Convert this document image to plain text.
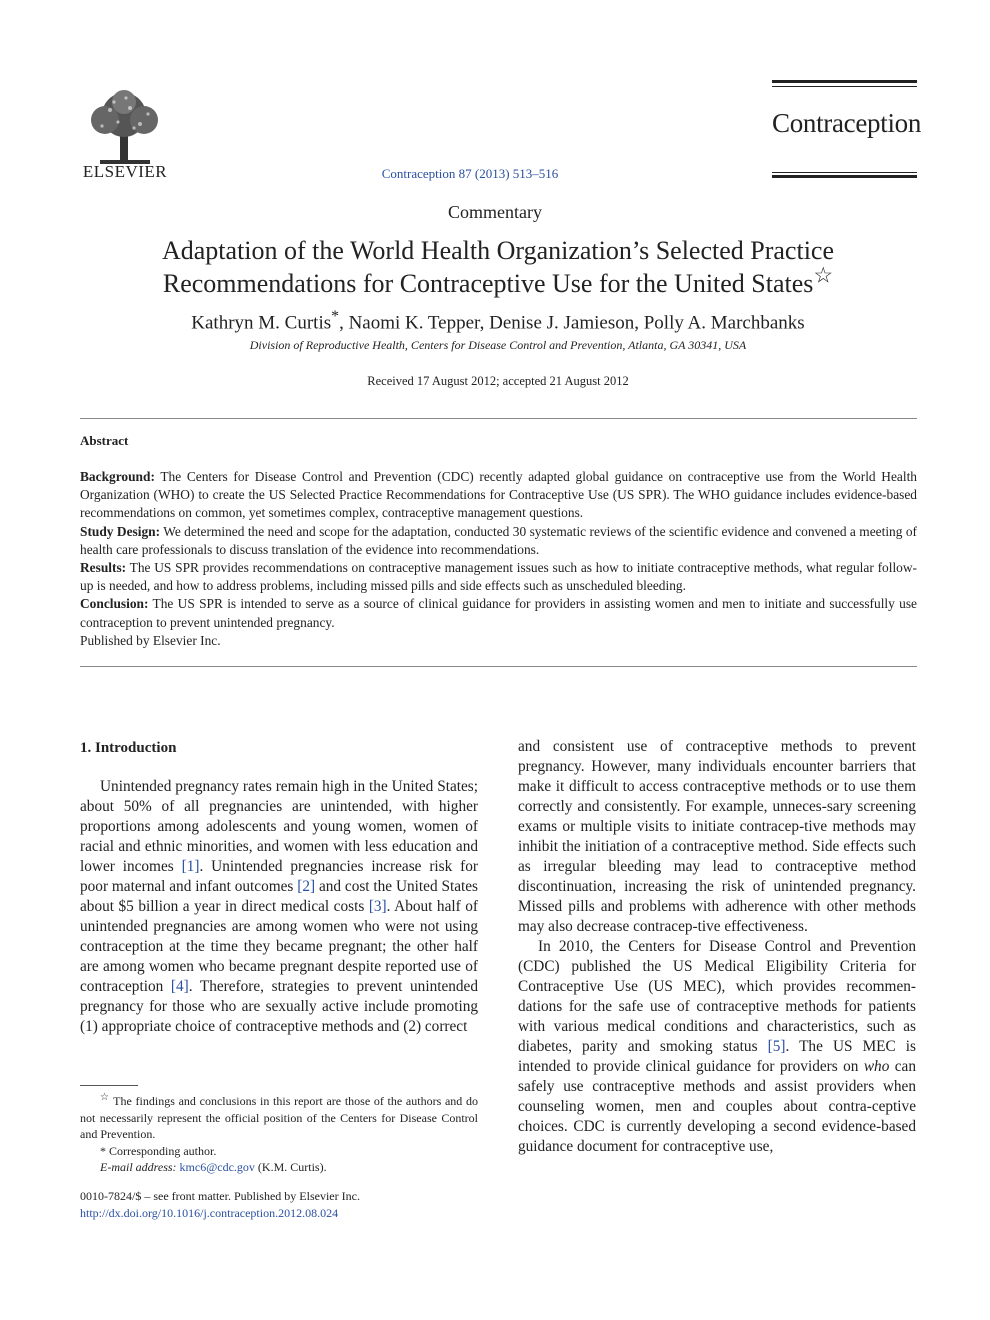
ELSEVIER	Contraception 87 (2013) 513–516
Contraception
Commentary
Adaptation of the World Health Organization’s Selected Practice Recommendations for Contraceptive Use for the United States☆
Kathryn M. Curtis*, Naomi K. Tepper, Denise J. Jamieson, Polly A. Marchbanks
Division of Reproductive Health, Centers for Disease Control and Prevention, Atlanta, GA 30341, USA
Received 17 August 2012; accepted 21 August 2012
Abstract

Background: The Centers for Disease Control and Prevention (CDC) recently adapted global guidance on contraceptive use from the World Health Organization (WHO) to create the US Selected Practice Recommendations for Contraceptive Use (US SPR). The WHO guidance includes evidence-based recommendations on common, yet sometimes complex, contraceptive management questions.

Study Design: We determined the need and scope for the adaptation, conducted 30 systematic reviews of the scientific evidence and convened a meeting of health care professionals to discuss translation of the evidence into recommendations.

Results: The US SPR provides recommendations on contraceptive management issues such as how to initiate contraceptive methods, what regular follow-up is needed, and how to address problems, including missed pills and side effects such as unscheduled bleeding.

Conclusion: The US SPR is intended to serve as a source of clinical guidance for providers in assisting women and men to initiate and successfully use contraception to prevent unintended pregnancy.

Published by Elsevier Inc.

1. Introduction

Unintended pregnancy rates remain high in the United States; about 50% of all pregnancies are unintended, with higher proportions among adolescents and young women, women of racial and ethnic minorities, and women with less education and lower incomes [1]. Unintended pregnancies increase risk for poor maternal and infant outcomes [2] and cost the United States about $5 billion a year in direct medical costs [3]. About half of unintended pregnancies are among women who were not using contraception at the time they became pregnant; the other half are among women who became pregnant despite reported use of contraception [4]. Therefore, strategies to prevent unintended pregnancy for those who are sexually active include promoting (1) appropriate choice of contraceptive methods and (2) correct

☆ The findings and conclusions in this report are those of the authors and do not necessarily represent the official position of the Centers for Disease Control and Prevention.

* Corresponding author.

E-mail address: kmc6@cdc.gov (K.M. Curtis).

0010-7824/$ – see front matter. Published by Elsevier Inc.

http://dx.doi.org/10.1016/j.contraception.2012.08.024

and consistent use of contraceptive methods to prevent pregnancy. However, many individuals encounter barriers that make it difficult to access contraceptive methods or to use them correctly and consistently. For example, unneces-sary screening exams or multiple visits to initiate contracep-tive methods may inhibit the initiation of a contraceptive method. Side effects such as irregular bleeding may lead to contraceptive method discontinuation, increasing the risk of unintended pregnancy. Missed pills and problems with adherence with other methods may also decrease contracep-tive effectiveness.

In 2010, the Centers for Disease Control and Prevention (CDC) published the US Medical Eligibility Criteria for Contraceptive Use (US MEC), which provides recommen-dations for the safe use of contraceptive methods for patients with various medical conditions and characteristics, such as diabetes, parity and smoking status [5]. The US MEC is intended to provide clinical guidance for providers on who can safely use contraceptive methods and assist providers when counseling women, men and couples about contra-ceptive choices. CDC is currently developing a second evidence-based guidance document for contraceptive use,
